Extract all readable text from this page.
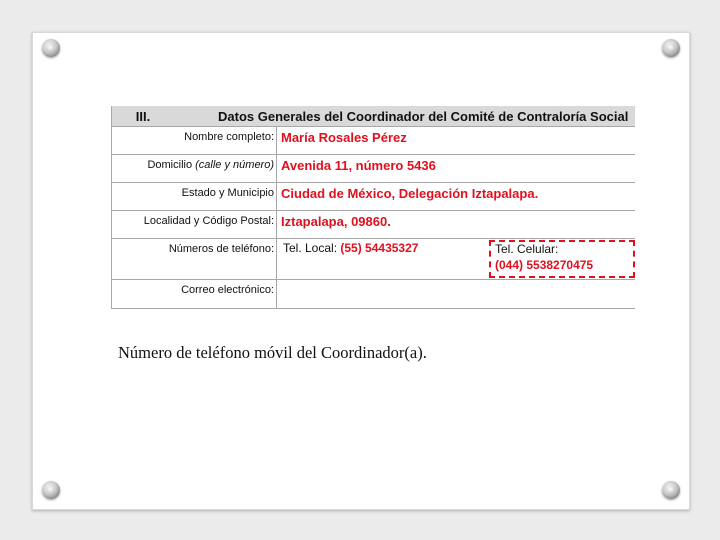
III.	Datos Generales del Coordinador del Comité de Contraloría Social
Nombre completo: María Rosales Pérez
Domicilio (calle y número) Avenida 11, número 5436
Estado y Municipio Ciudad de México, Delegación Iztapalapa.
Localidad y Código Postal: Iztapalapa, 09860.
Números de teléfono: Tel. Local: (55) 54435327	Tel. Celular:
(044) 5538270475
Correo electrónico:
Número de teléfono móvil del Coordinador(a).
